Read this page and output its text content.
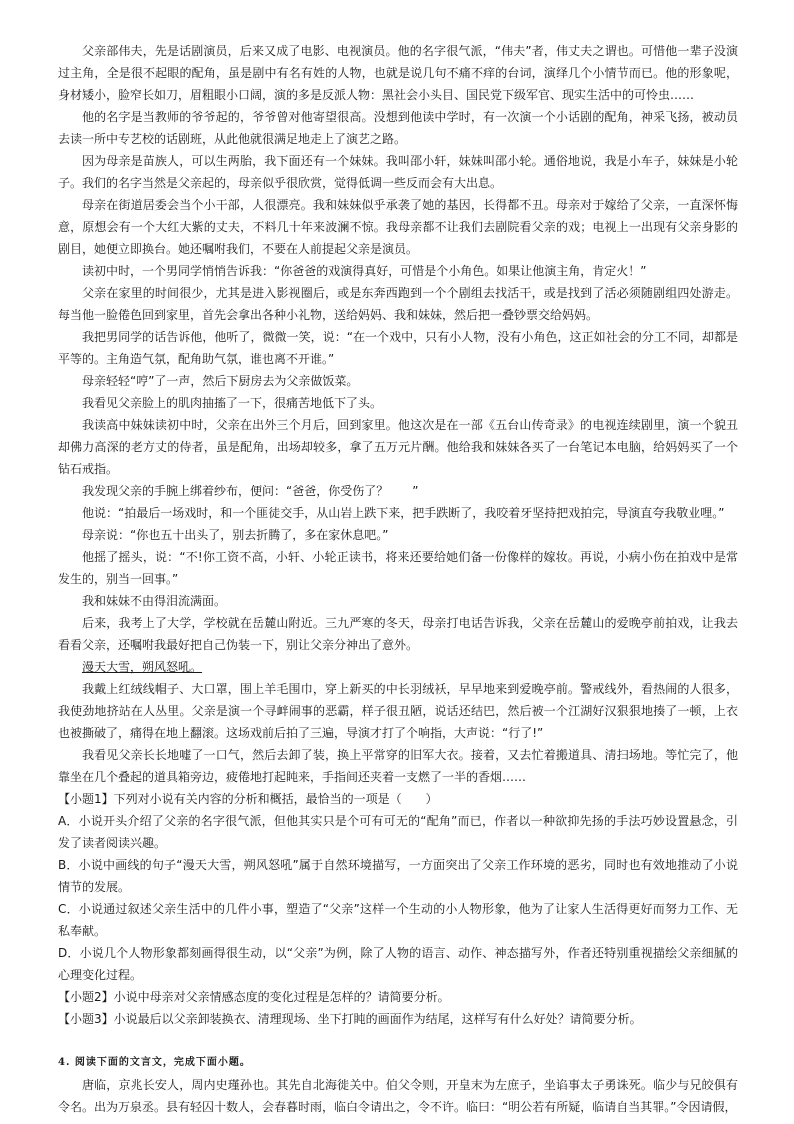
父亲部伟夫，先是话剧演员，后来又成了电影、电视演员。他的名字很气派，“伟夫”者，伟丈夫之谓也。可惜他一辈子没演过主角，全是很不起眼的配角，虽是剧中有名有姓的人物，也就是说几句不痛不痒的台词，演绎几个小情节而已。他的形象呢，身材矮小，脸窄长如刀，眉粗眼小口阔，演的多是反派人物：黑社会小头目、国民党下级军官、现实生活中的可怜虫……

他的名字是当教师的爷爷起的，爷爷曾对他寄望很高。没想到他读中学时，有一次演一个小话剧的配角，神采飞扬，被动员去读一所中专艺校的话剧班，从此他就很满足地走上了演艺之路。

因为母亲是苗族人，可以生两胎，我下面还有一个妹妹。我叫邵小轩，妹妹叫邵小轮。通俗地说，我是小车子，妹妹是小轮子。我们的名字当然是父亲起的，母亲似乎很欣赏，觉得低调一些反而会有大出息。

母亲在街道居委会当个小干部，人很漂亮。我和妹妹似乎承袭了她的基因，长得都不丑。母亲对于嫁给了父亲，一直深怀悔意，原想会有一个大红大紫的丈夫，不料几十年来波澜不惊。我母亲都不让我们去剧院看父亲的戏；电视上一出现有父亲身影的剧目，她便立即换台。她还嘱咐我们，不要在人前提起父亲是演员。

读初中时，一个男同学悄悄告诉我：“你爸爸的戏演得真好，可惜是个小角色。如果让他演主角，肯定火！”

父亲在家里的时间很少，尤其是进入影视圈后，或是东奔西跑到一个个剧组去找活干，或是找到了活必须随剧组四处游走。每当他一脸倦色回到家里，首先会拿出各种小礼物，送给妈妈、我和妹妹，然后把一叠钞票交给妈妈。

我把男同学的话告诉他，他听了，微微一笑，说：“在一个戏中，只有小人物，没有小角色，这正如社会的分工不同，却都是平等的。主角造气氛，配角助气氛，谁也离不开谁。”

母亲轻轻“哼”了一声，然后下厨房去为父亲做饭菜。

我看见父亲脸上的肌肉抽搐了一下，很痛苦地低下了头。

我读高中妹妹读初中时，父亲在出外三个月后，回到家里。他这次是在一部《五台山传奇录》的电视连续剧里，演一个貌丑却佛力高深的老方丈的侍者，虽是配角，出场却较多，拿了五万元片酬。他给我和妹妹各买了一台笔记本电脑，给妈妈买了一个钻石戒指。

我发现父亲的手腕上绑着纱布，便问：“爸爸，你受伤了？　　”

他说：“拍最后一场戏时，和一个匪徒交手，从山岩上跌下来，把手跌断了，我咬着牙坚持把戏拍完，导演直夸我敬业哩。”

母亲说：“你也五十出头了，别去折腾了，多在家休息吧。”

他摇了摇头，说：“不!你工资不高，小轩、小轮正读书，将来还要给她们备一份像样的嫁妆。再说，小病小伤在拍戏中是常发生的，别当一回事。”

我和妹妹不由得泪流满面。

后来，我考上了大学，学校就在岳麓山附近。三九严寒的冬天，母亲打电话告诉我，父亲在岳麓山的爱晚亭前拍戏，让我去看看父亲，还嘱咐我最好把自己伪装一下，别让父亲分神出了意外。

漫天大雪，朔风怒吼。

我戴上红绒线帽子、大口罩，围上羊毛围巾，穿上新买的中长羽绒袄，早早地来到爱晚亭前。警戒线外，看热闹的人很多，我使劲地挤站在人丛里。父亲是演一个寻衅闹事的恶霸，样子很丑陋，说话还结巴，然后被一个江湖好汉狠狠地揍了一顿，上衣也被撕破了，痛得在地上翻滚。这场戏前后拍了三遍，导演才打了个响指，大声说：“行了!”

我看见父亲长长地嘘了一口气，然后去卸了装，换上平常穿的旧军大衣。接着，又去忙着搬道具、清扫场地。等忙完了，他靠坐在几个叠起的道具箱旁边，疲倦地打起盹来，手指间还夹着一支燃了一半的香烟……

【小题1】下列对小说有关内容的分析和概括，最恰当的一项是（　　）

A．小说开头介绍了父亲的名字很气派，但他其实只是个可有可无的“配角”而已，作者以一种欲抑先扬的手法巧妙设置悬念，引发了读者阅读兴趣。

B．小说中画线的句子“漫天大雪，朔风怒吼”属于自然环境描写，一方面突出了父亲工作环境的恶劣，同时也有效地推动了小说情节的发展。

C．小说通过叙述父亲生活中的几件小事，塑造了“父亲”这样一个生动的小人物形象，他为了让家人生活得更好而努力工作、无私奉献。

D．小说几个人物形象都刻画得很生动，以“父亲”为例，除了人物的语言、动作、神态描写外，作者还特别重视描绘父亲细腻的心理变化过程。

【小题2】小说中母亲对父亲情感态度的变化过程是怎样的？请简要分析。

【小题3】小说最后以父亲卸装换衣、清理现场、坐下打盹的画面作为结尾，这样写有什么好处？请简要分析。

4. 阅读下面的文言文，完成下面小题。

唐临，京兆长安人，周内史瑾孙也。其先自北海徙关中。伯父令则，开皇末为左庶子，坐谄事太子勇诛死。临少与兄皎俱有令名。出为万泉丞。县有轻囚十数人，会春暮时雨，临白令请出之，令不许。临曰：“明公若有所疑，临请自当其罪。”令因请假，
